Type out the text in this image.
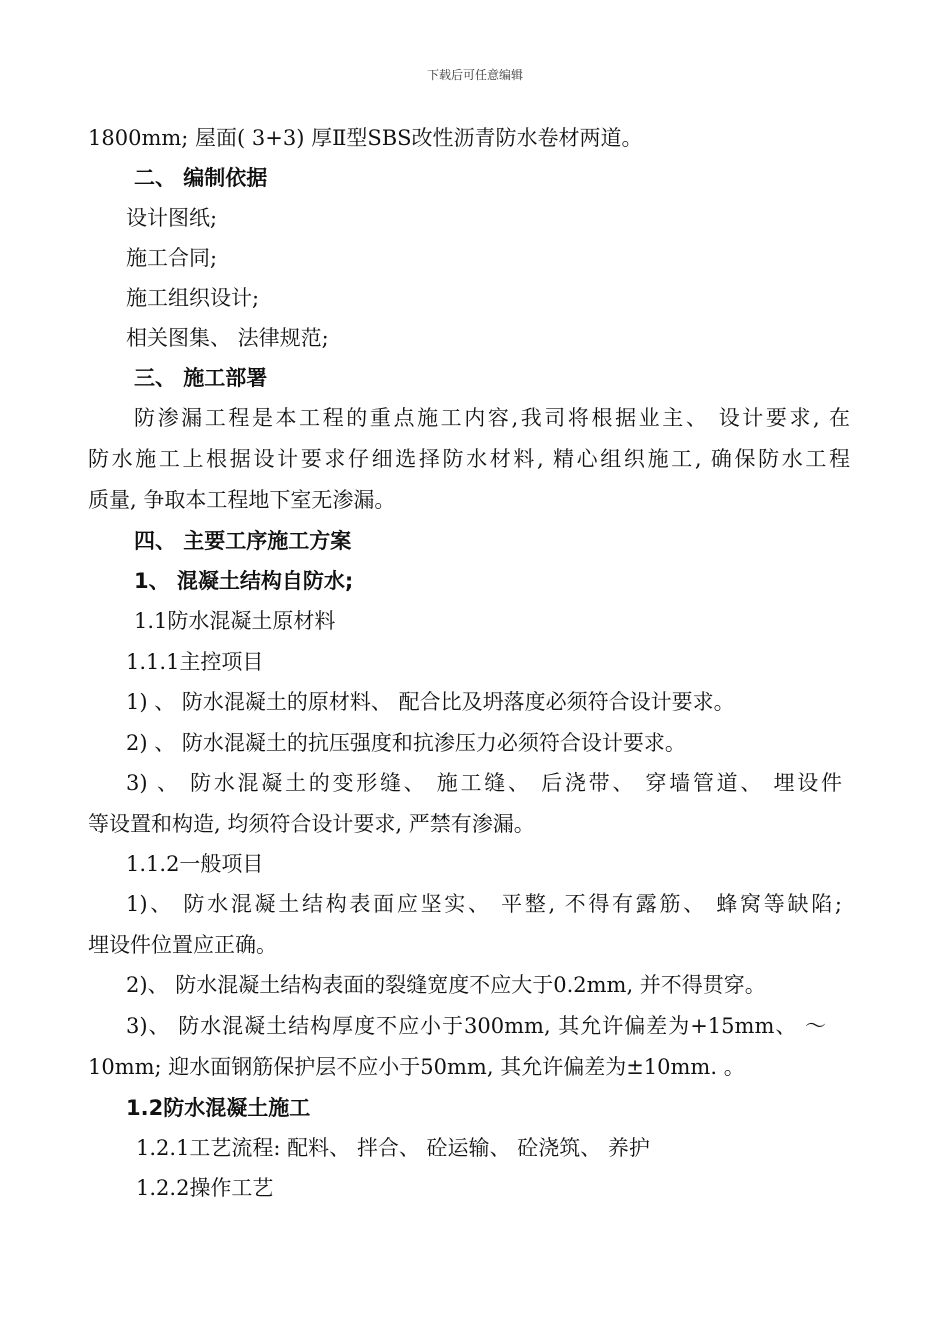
下载后可任意编辑
1800mm; 屋面( 3+3) 厚Ⅱ型SBS改性沥青防水卷材两道。
二、 编制依据
设计图纸;
施工合同;
施工组织设计;
相关图集、 法律规范;
三、 施工部署
防渗漏工程是本工程的重点施工内容,我司将根据业主、 设计要求, 在
防水施工上根据设计要求仔细选择防水材料, 精心组织施工, 确保防水工程
质量, 争取本工程地下室无渗漏。
四、 主要工序施工方案
1、 混凝土结构自防水;
1.1防水混凝土原材料
1.1.1主控项目
1) 、 防水混凝土的原材料、 配合比及坍落度必须符合设计要求。
2) 、 防水混凝土的抗压强度和抗渗压力必须符合设计要求。
3) 、 防水混凝土的变形缝、 施工缝、 后浇带、 穿墙管道、 埋设件
等设置和构造, 均须符合设计要求, 严禁有渗漏。
1.1.2一般项目
1)、 防水混凝土结构表面应坚实、 平整, 不得有露筋、 蜂窝等缺陷;
埋设件位置应正确。
2)、 防水混凝土结构表面的裂缝宽度不应大于0.2mm, 并不得贯穿。
3)、 防水混凝土结构厚度不应小于300mm, 其允许偏差为+15mm、 ～
10mm; 迎水面钢筋保护层不应小于50mm, 其允许偏差为±10mm. 。
1.2防水混凝土施工
1.2.1工艺流程: 配料、 拌合、 砼运输、 砼浇筑、 养护
1.2.2操作工艺
